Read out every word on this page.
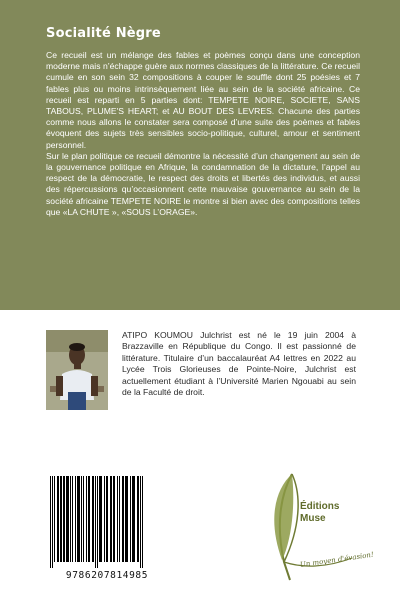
Socialité Nègre

Ce recueil est un mélange des fables et poèmes conçu dans une conception moderne mais n’échappe guère aux normes classiques de la littérature. Ce recueil cumule en son sein 32 compositions à couper le souffle dont 25 poésies et 7 fables plus ou moins intrinsèquement liée au sein de la société africaine. Ce recueil est reparti en 5 parties dont: TEMPETE NOIRE, SOCIETE, SANS TABOUS, PLUME'S HEART; et AU BOUT DES LEVRES. Chacune des parties comme nous allons le constater sera composé d’une suite des poèmes et fables évoquent des sujets très sensibles socio-politique, culturel, amour et sentiment personnel.

Sur le plan politique ce recueil démontre la nécessité d’un changement au sein de la gouvernance politique en Afrique, la condamnation de la dictature, l’appel au respect de la démocratie, le respect des droits et libertés des individus, et aussi des répercussions qu’occasionnent cette mauvaise gouvernance au sein de la société africaine TEMPETE NOIRE le montre si bien avec des compositions telles que «LA CHUTE », «SOUS L’ORAGE».

ATIPO KOUMOU Julchrist est né le 19 juin 2004 à Brazzaville en République du Congo. Il est passionné de littérature. Titulaire d’un baccalauréat A4 lettres en 2022 au Lycée Trois Glorieuses de Pointe-Noire, Julchrist est actuellement étudiant à l’Université Marien Ngouabi au sein de la Faculté de droit.

9786207814985
Éditions
Muse
Un moyen d'évasion!
